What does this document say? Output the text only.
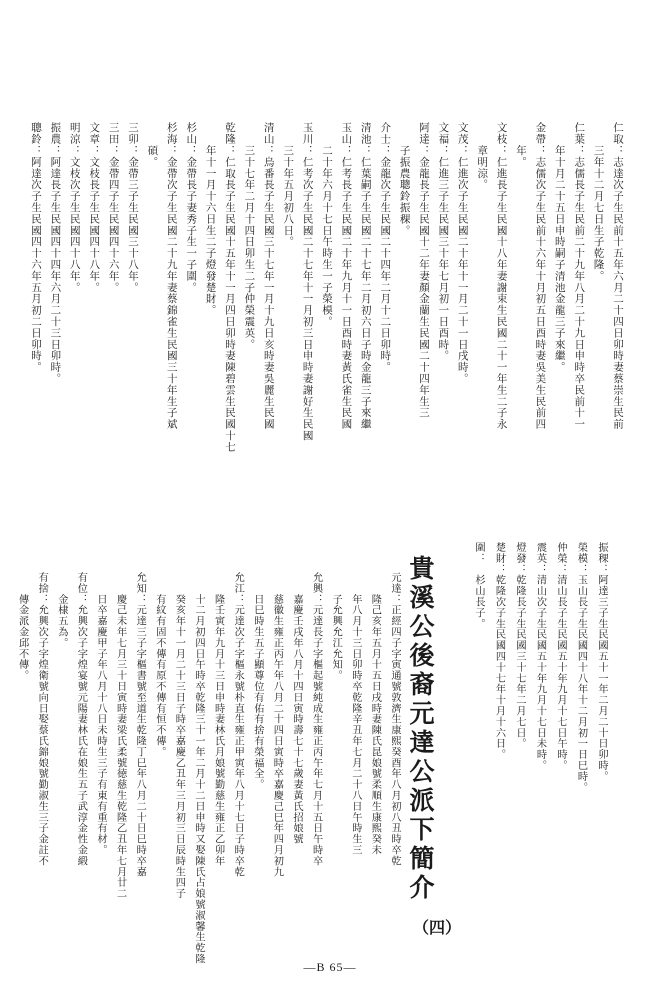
仁取：志達次子生民前十五年六月二十四日卯時妻蔡崇生民前
　　三年十二月七日生子乾隆。
仁葉：志儒長子生民前二十九年八月二十九日申時卒民前十一
　　年十月二十五日申時嗣子清池金龍三子來繼。
金帶：志儒次子生民前十六年十月初五日酉時妻吳美生民前四
　　年。
文枝：仁進長子生民國十八年妻謝束生民國二十一年生二子永
　　章明涼。
文茂：仁進次子生民國二十年十一月二十一日戌時。
文福：仁進三子生民國三十年七月初一日酉時。
阿達：金龍長子生民國十二年妻顏金蘭生民國二十四年生三
　　子振農聰鈴振稞。
介士：金龍次子生民國二十四年二月十二日卯時。
清池：仁葉嗣子生民國二十七年二月初六日子時金龍三子來繼
玉山：仁考長子生民國二十年九月十一日酉時妻黃氏雀生民國
　　二十年六月十七日午時生一子榮模。
玉川：仁考次子生民國二十七年十一月初三日申時妻謝好生民國
　　三十年五月初八日。
清山：烏番長子生民國三十七年一月十九日亥時妻吳麗生民國
　　三十七年二月十四日卯生二子仲榮震英。
乾隆：仁取長子生民國十五年十一月四日卯時妻陳碧雲生民國十七
　　年十一月十六日生二子燈發楚財。
杉山：金帶長子妻秀子生一子圍。
杉海：金帶次子生民國二十九年妻蔡錦雀生民國三十年生子斌
　　碩。
三卯：金帶三子生民國三十八年。
三田：金帶四子生民國四十六年。
文章：文枝長子生民國四十八年。
明涼：文枝次子生民國四十八年。
振農：阿達長子生民國四十四年六月二十三日卯時。
聰鈴：阿達次子生民國四十六年五月初二日卯時。
振稞：阿達三子生民國五十一年二月二十日卯時。
榮模：玉山長子生民國四十八年十二月初一日巳時。
仲榮：清山長子生民國五十年九月十七日午時。
震英：清山次子生民國五十年九月十七日未時。
燈發：乾隆長子生民國三十七年二月七日。
楚財：乾隆次子生民國四十七年十月十六日。
圍：　杉山長子。
元達：正經四子字寅通號敦濟生康熙癸酉年八月初八丑時卒乾
　　隆己亥年五月十五日戌時妻陳氏昆娘號柔順生康熙癸未
　　年八月十三日卯時卒乾隆辛丑年七月二十八日午時生三
　　子允興允江允知。
允興：元達長子字樞起號純成生雍正丙午年七月十五日午時卒
　　嘉慶壬戌年八月十四日寅時壽七十七歲妻黃氏招娘號
　　慈徽生雍正丙午年八月二十四日寅時卒嘉慶己巳年四月初九
　　日巳時生五子顯尊位有佑有捨有榮福全。
允江：元達次子字樞永號朴直生雍正甲寅年八月十七日子時卒乾
　　隆壬寅年九月十三日申時妻林氏月娘號勤慈生雍正乙卯年
　　十二月初四日午時卒乾隆三十一年二月十二日申時又娶陳氏占娘號淑馨生乾隆
　　癸亥年十一月二十三日子時卒嘉慶乙丑年三月初三日辰時生四子
　　有紋有固不傳有原不傳有恒不傳。
允知：元達三子字樞書號至道生乾隆丁巳年八月二十日巳時卒嘉
　　慶己未年七月三十日寅時妻梁氏柔號徳慈生乾隆乙丑年七月廿二
　　日卒嘉慶甲子年八月十八日未時生三子有東有重有材。
有位：允興次子字煌宴號元陽妻林氏在娘生五子武淳金性金緞
　　金棣五為。
有捨：允興次子字煌衛號向日娶蔡氏錦娘號勤淑生三子金註不
　　傳金派金邱不傳。	貴溪公後裔元達公派下簡介
（四）
—B 65—
